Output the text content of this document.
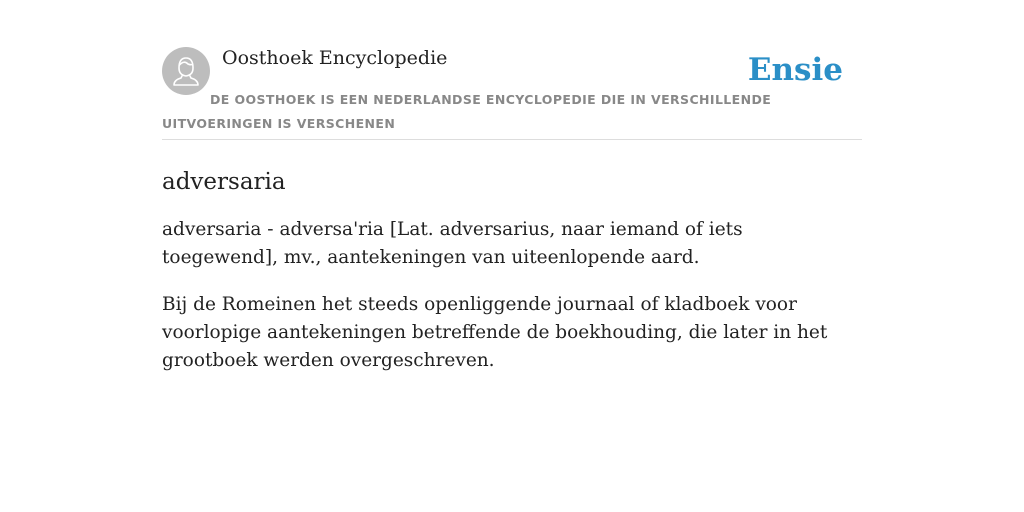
Oosthoek Encyclopedie	Ensie
DE OOSTHOEK IS EEN NEDERLANDSE ENCYCLOPEDIE DIE IN VERSCHILLENDE UITVOERINGEN IS VERSCHENEN
adversaria

adversaria - adversa'ria [Lat. adversarius, naar iemand of iets toegewend], mv., aantekeningen van uiteenlopende aard.

Bij de Romeinen het steeds openliggende journaal of kladboek voor voorlopige aantekeningen betreffende de boekhouding, die later in het grootboek werden overgeschreven.
